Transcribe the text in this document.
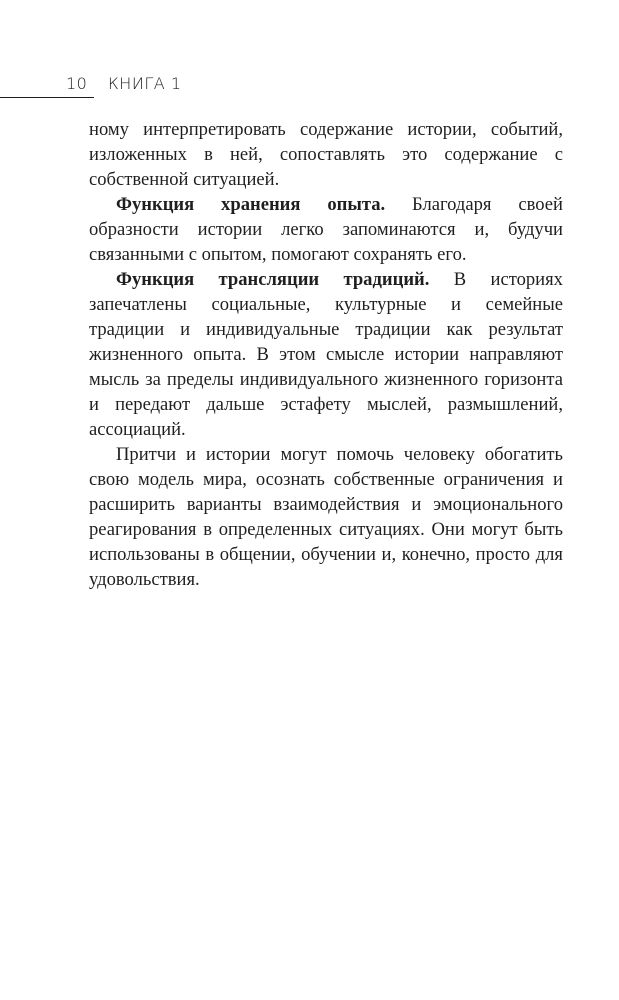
10 КНИГА 1

ному интерпретировать содержание истории, событий, изложенных в ней, сопоставлять это содержание с собственной ситуацией.

Функция хранения опыта. Благодаря своей образности истории легко запоминаются и, будучи связанными с опытом, помогают сохранять его.

Функция трансляции традиций. В историях запечатлены социальные, культурные и семейные традиции и индивидуальные традиции как результат жизненного опыта. В этом смысле истории направляют мысль за пределы индивидуального жизненного горизонта и передают дальше эстафету мыслей, размышлений, ассоциаций.

Притчи и истории могут помочь человеку обогатить свою модель мира, осознать собственные ограничения и расширить варианты взаимодействия и эмоционального реагирования в определенных ситуациях. Они могут быть использованы в общении, обучении и, конечно, просто для удовольствия.
